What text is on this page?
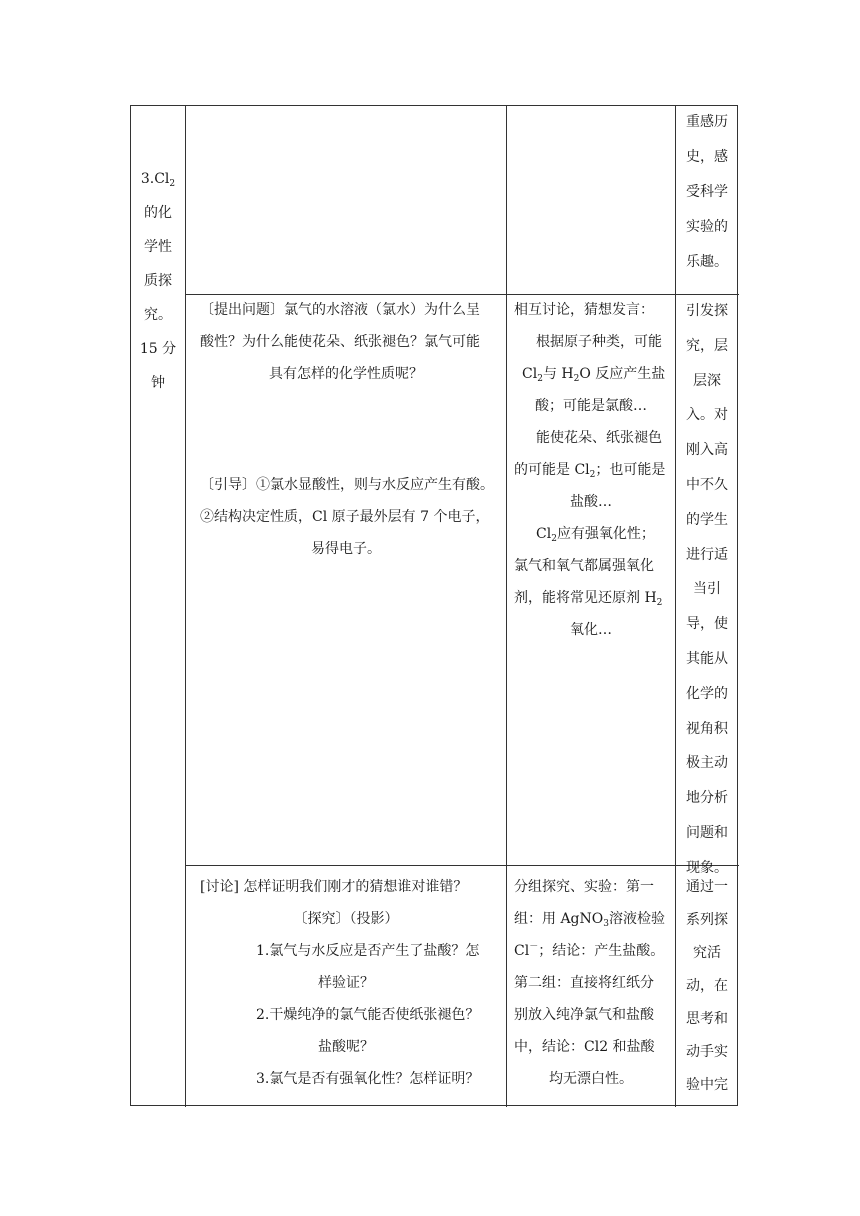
$3.Cl_2$

的化

学性

质探

究。

15 分

钟

重感历

史，感

受科学

实验的

乐趣。

〔提出问题〕氯气的水溶液（氯水）为什么呈

酸性？为什么能使花朵、纸张褪色？氯气可能

具有怎样的化学性质呢？

〔引导〕①氯水显酸性，则与水反应产生有酸。

②结构决定性质，Cl 原子最外层有 7 个电子，

易得电子。

相互讨论，猜想发言：

根据原子种类，可能

$Cl_2$与 $H_2O$ 反应产生盐

酸；可能是氯酸…

能使花朵、纸张褪色

的可能是 $Cl_2$；也可能是

盐酸…

$Cl_2$应有强氧化性；

氯气和氧气都属强氧化

剂，能将常见还原剂 $H_2$

氧化…

引发探

究，层

层深

入。对

刚入高

中不久

的学生

进行适

当引

导，使

其能从

化学的

视角积

极主动

地分析

问题和

现象。

[讨论] 怎样证明我们刚才的猜想谁对谁错？

〔探究〕（投影）

1.氯气与水反应是否产生了盐酸？怎

样验证？

2.干燥纯净的氯气能否使纸张褪色？

盐酸呢？

3.氯气是否有强氧化性？怎样证明？

分组探究、实验：第一

组：用 AgNO$_3$溶液检验

Cl－；结论：产生盐酸。

第二组：直接将红纸分

别放入纯净氯气和盐酸

中，结论：Cl2 和盐酸

均无漂白性。

通过一

系列探

究活

动，在

思考和

动手实

验中完
